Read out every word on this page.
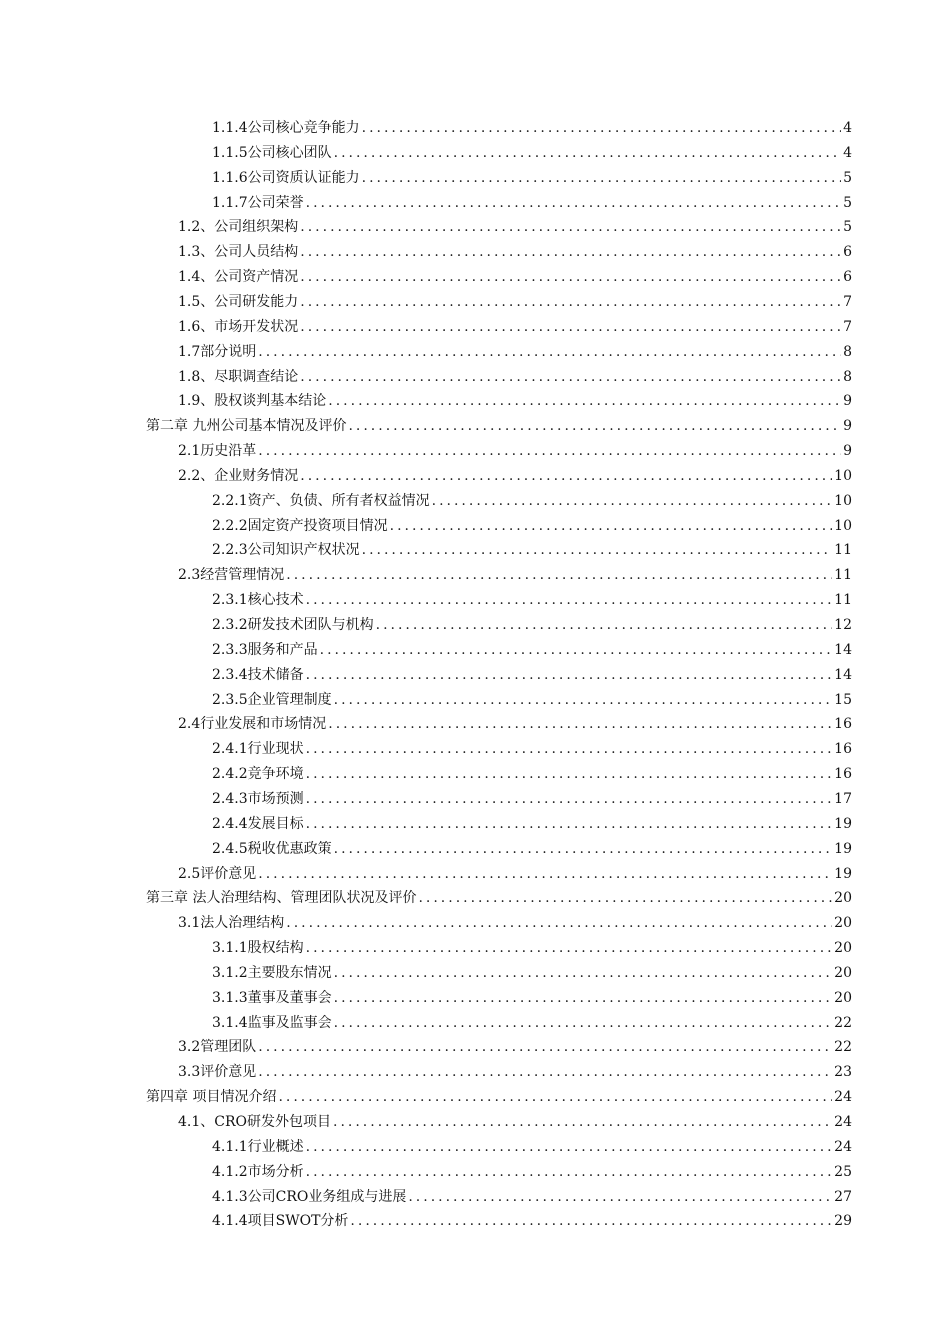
1.1.4公司核心竞争能力 .....	4
1.1.5公司核心团队 .....	4
1.1.6公司资质认证能力 .....	5
1.1.7公司荣誉 .....	5
1.2、公司组织架构 .....	5
1.3、公司人员结构 .....	6
1.4、公司资产情况 .....	6
1.5、公司研发能力 .....	7
1.6、市场开发状况 .....	7
1.7部分说明 .....	8
1.8、尽职调查结论 .....	8
1.9、股权谈判基本结论 .....	9
第二章 九州公司基本情况及评价 .....	9
2.1历史沿革 .....	9
2.2、企业财务情况 .....	10
2.2.1资产、负债、所有者权益情况 .....	10
2.2.2固定资产投资项目情况 .....	10
2.2.3公司知识产权状况 .....	11
2.3经营管理情况 .....	11
2.3.1核心技术 .....	11
2.3.2研发技术团队与机构 .....	12
2.3.3服务和产品 .....	14
2.3.4技术储备 .....	14
2.3.5企业管理制度 .....	15
2.4行业发展和市场情况 .....	16
2.4.1行业现状 .....	16
2.4.2竞争环境 .....	16
2.4.3市场预测 .....	17
2.4.4发展目标 .....	19
2.4.5税收优惠政策 .....	19
2.5评价意见 .....	19
第三章 法人治理结构、管理团队状况及评价 .....	20
3.1法人治理结构 .....	20
3.1.1股权结构 .....	20
3.1.2主要股东情况 .....	20
3.1.3董事及董事会 .....	20
3.1.4监事及监事会 .....	22
3.2管理团队 .....	22
3.3评价意见 .....	23
第四章 项目情况介绍 .....	24
4.1、CRO研发外包项目 .....	24
4.1.1行业概述 .....	24
4.1.2市场分析 .....	25
4.1.3公司CRO业务组成与进展 .....	27
4.1.4项目SWOT分析 .....	29
